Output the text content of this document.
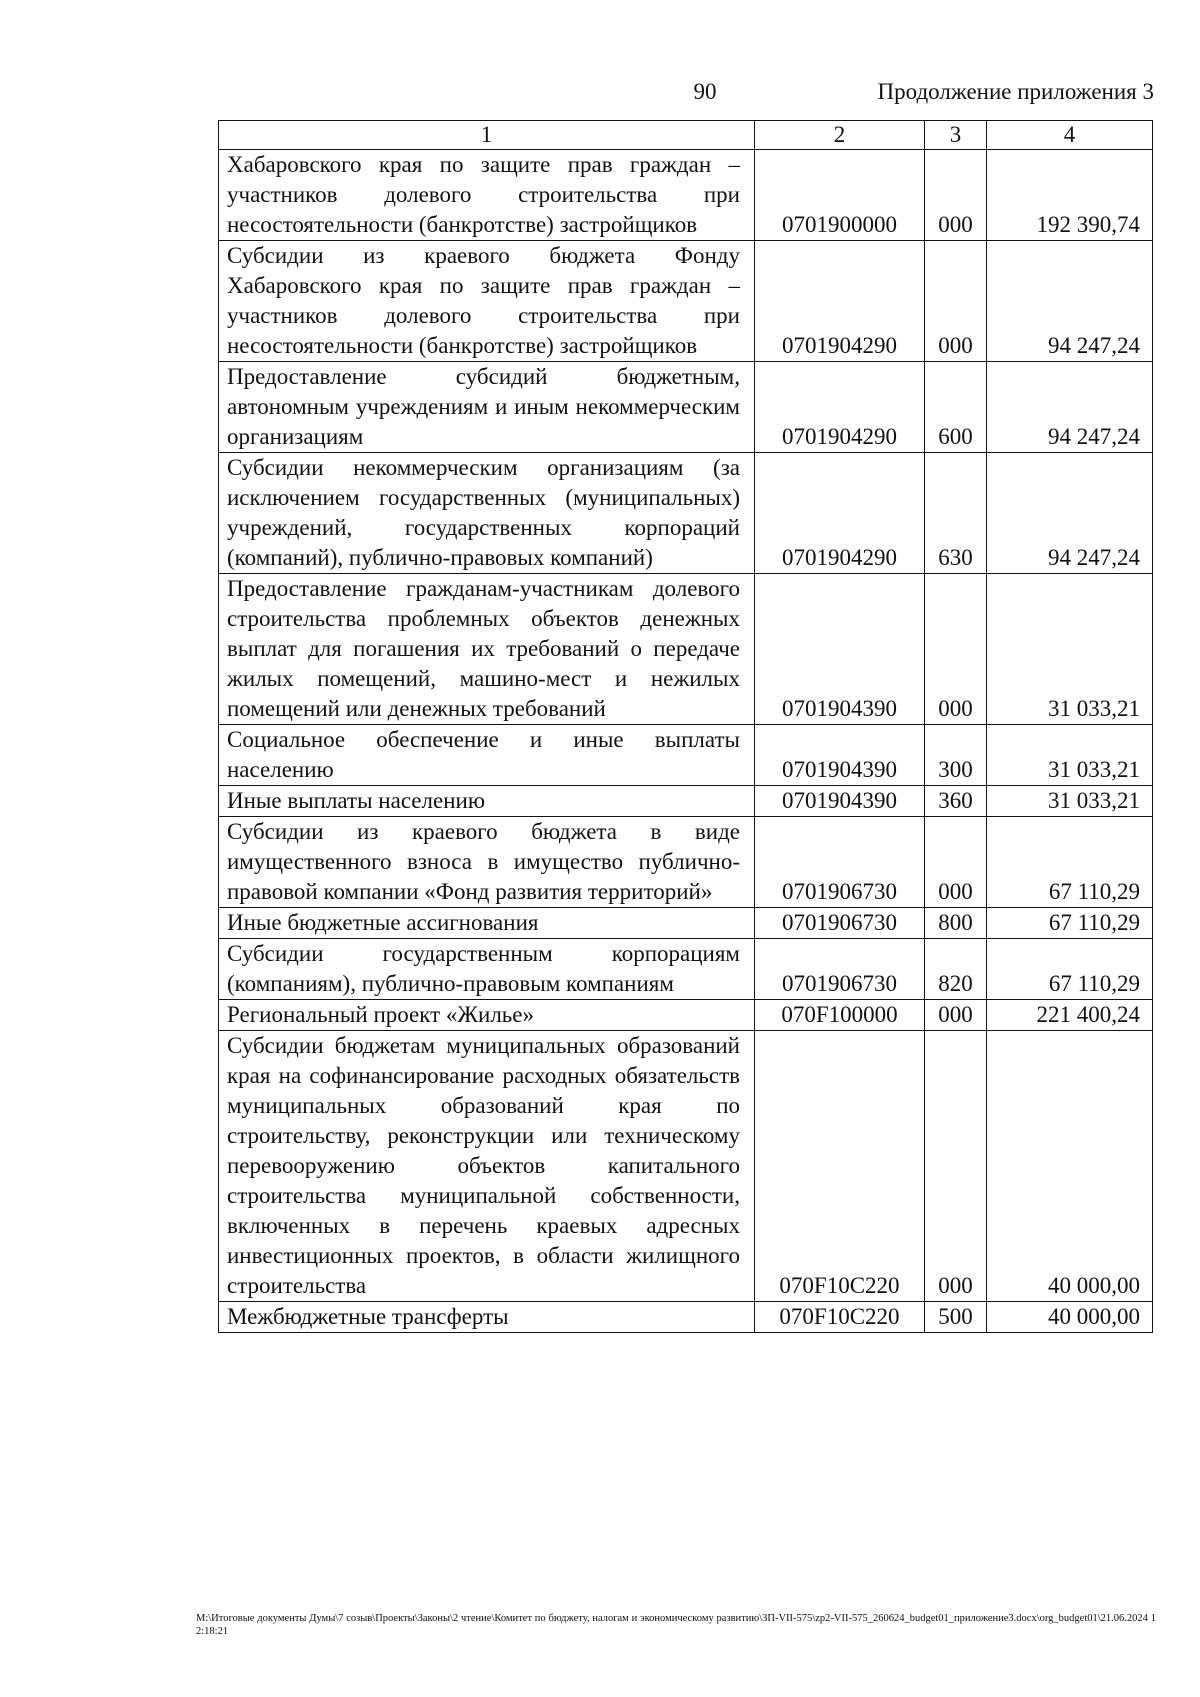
90	Продолжение приложения 3
1	2	3	4
Хабаровского края по защите прав граждан – участников долевого строительства при несостоятельности (банкротстве) застройщиков	0701900000	000	192 390,74
Субсидии из краевого бюджета Фонду Хабаровского края по защите прав граждан – участников долевого строительства при несостоятельности (банкротстве) застройщиков	0701904290	000	94 247,24
Предоставление субсидий бюджетным, автономным учреждениям и иным некоммерческим организациям	0701904290	600	94 247,24
Субсидии некоммерческим организациям (за исключением государственных (муниципальных) учреждений, государственных корпораций (компаний), публично-правовых компаний)	0701904290	630	94 247,24
Предоставление гражданам-участникам долевого строительства проблемных объектов денежных выплат для погашения их требований о передаче жилых помещений, машино-мест и нежилых помещений или денежных требований	0701904390	000	31 033,21
Социальное обеспечение и иные выплаты населению	0701904390	300	31 033,21
Иные выплаты населению	0701904390	360	31 033,21
Субсидии из краевого бюджета в виде имущественного взноса в имущество публично-правовой компании «Фонд развития территорий»	0701906730	000	67 110,29
Иные бюджетные ассигнования	0701906730	800	67 110,29
Субсидии государственным корпорациям (компаниям), публично-правовым компаниям	0701906730	820	67 110,29
Региональный проект «Жилье»	070F100000	000	221 400,24
Субсидии бюджетам муниципальных образований края на софинансирование расходных обязательств муниципальных образований края по строительству, реконструкции или техническому перевооружению объектов капитального строительства муниципальной собственности, включенных в перечень краевых адресных инвестиционных проектов, в области жилищного строительства	070F10C220	000	40 000,00
Межбюджетные трансферты	070F10C220	500	40 000,00
M:\Итоговые документы Думы\7 созыв\Проекты\Законы\2 чтение\Комитет по бюджету, налогам и экономическому развитию\ЗП-VII-575\zp2-VII-575_260624_budget01_приложение3.docx\org_budget01\21.06.2024 12:18:21
